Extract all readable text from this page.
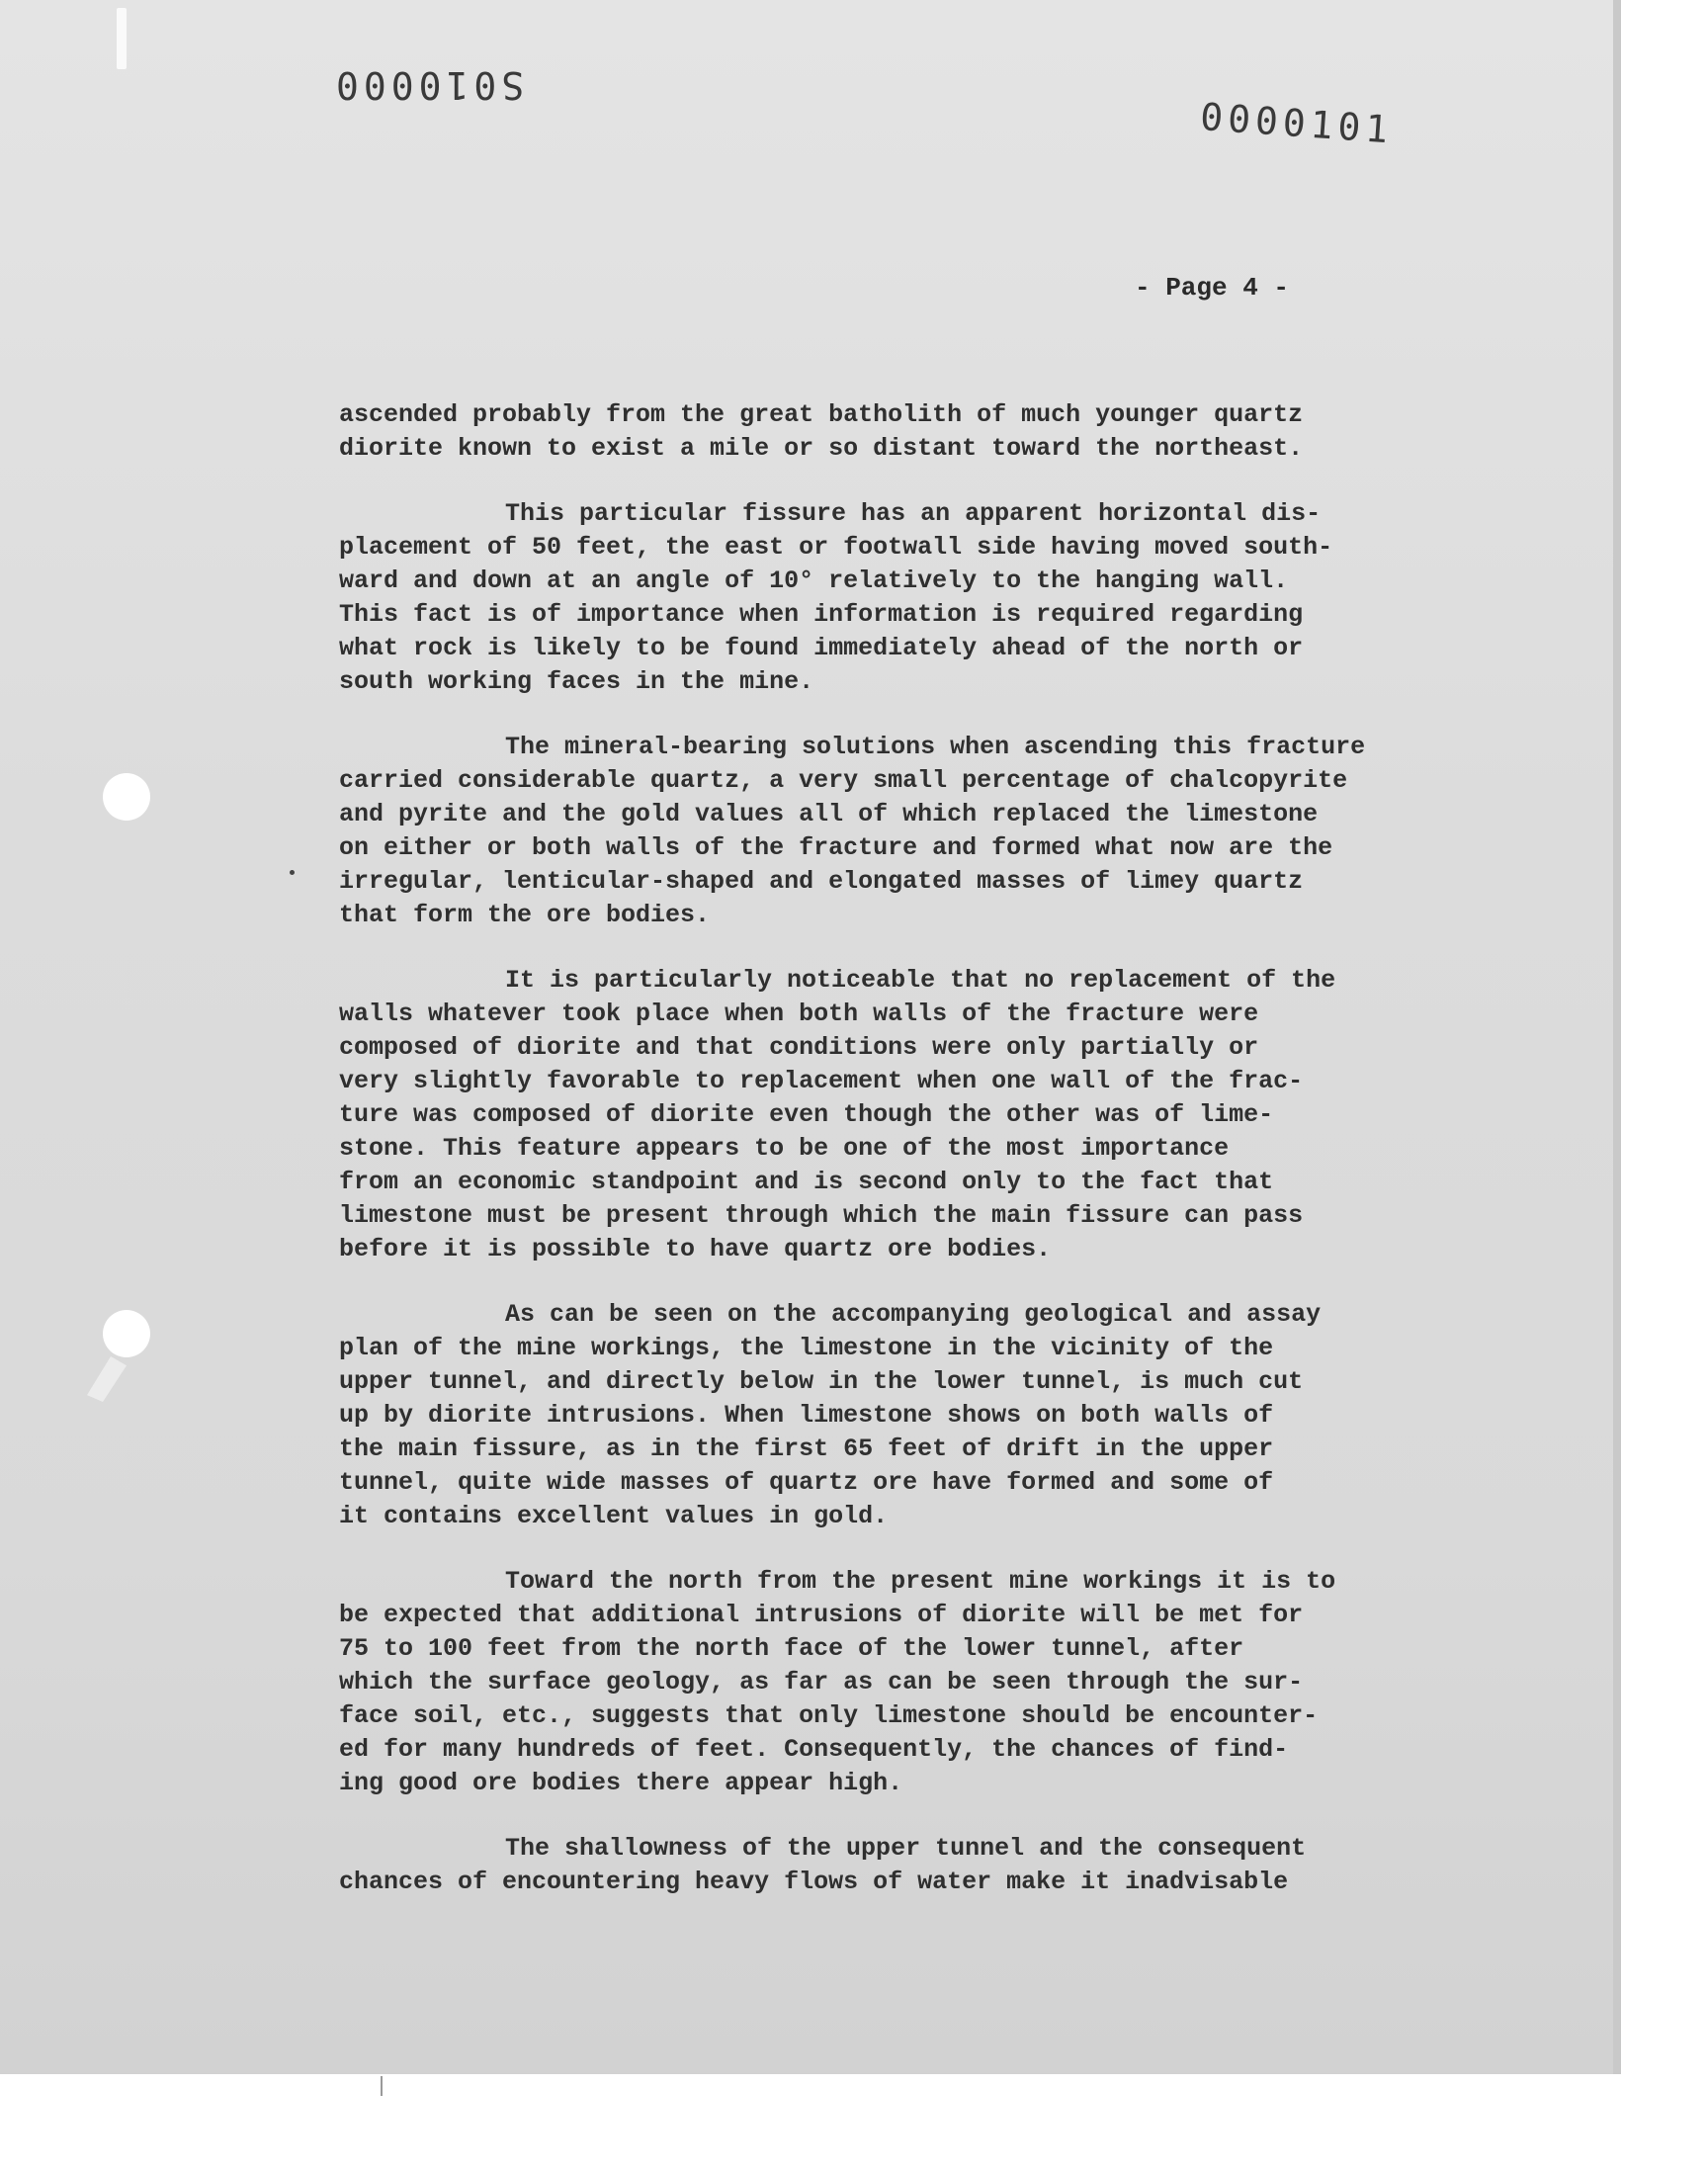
S010000

0000101

- Page 4 -

ascended probably from the great batholith of much younger quartz
diorite known to exist a mile or so distant toward the northeast.
This particular fissure has an apparent horizontal dis-
placement of 50 feet, the east or footwall side having moved south-
ward and down at an angle of 10° relatively to the hanging wall.
This fact is of importance when information is required regarding
what rock is likely to be found immediately ahead of the north or
south working faces in the mine.
The mineral-bearing solutions when ascending this fracture
carried considerable quartz, a very small percentage of chalcopyrite
and pyrite and the gold values all of which replaced the limestone
on either or both walls of the fracture and formed what now are the
irregular, lenticular-shaped and elongated masses of limey quartz
that form the ore bodies.
It is particularly noticeable that no replacement of the
walls whatever took place when both walls of the fracture were
composed of diorite and that conditions were only partially or
very slightly favorable to replacement when one wall of the frac-
ture was composed of diorite even though the other was of lime-
stone. This feature appears to be one of the most importance
from an economic standpoint and is second only to the fact that
limestone must be present through which the main fissure can pass
before it is possible to have quartz ore bodies.
As can be seen on the accompanying geological and assay
plan of the mine workings, the limestone in the vicinity of the
upper tunnel, and directly below in the lower tunnel, is much cut
up by diorite intrusions. When limestone shows on both walls of
the main fissure, as in the first 65 feet of drift in the upper
tunnel, quite wide masses of quartz ore have formed and some of
it contains excellent values in gold.
Toward the north from the present mine workings it is to
be expected that additional intrusions of diorite will be met for
75 to 100 feet from the north face of the lower tunnel, after
which the surface geology, as far as can be seen through the sur-
face soil, etc., suggests that only limestone should be encounter-
ed for many hundreds of feet. Consequently, the chances of find-
ing good ore bodies there appear high.
The shallowness of the upper tunnel and the consequent
chances of encountering heavy flows of water make it inadvisable
